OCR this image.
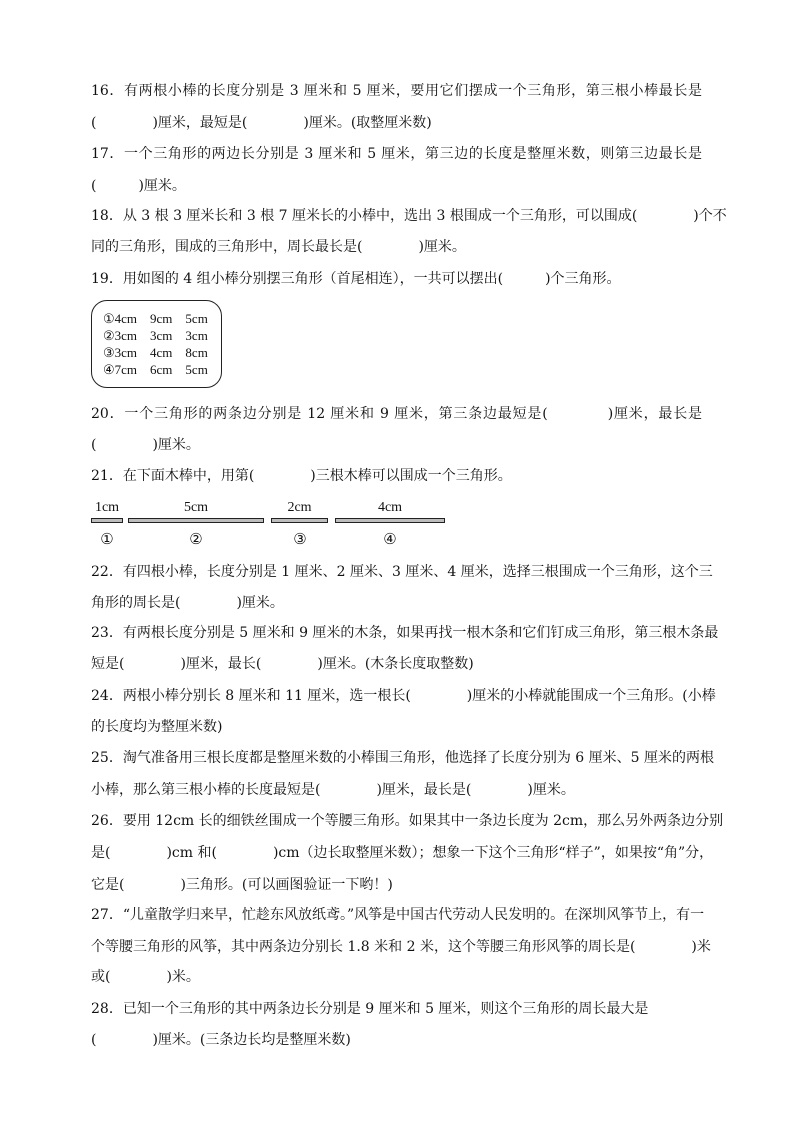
16．有两根小棒的长度分别是 3 厘米和 5 厘米，要用它们摆成一个三角形，第三根小棒最长是
(　　　　)厘米，最短是(　　　　)厘米。(取整厘米数)
17．一个三角形的两边长分别是 3 厘米和 5 厘米，第三边的长度是整厘米数，则第三边最长是
(　　　)厘米。
18．从 3 根 3 厘米长和 3 根 7 厘米长的小棒中，选出 3 根围成一个三角形，可以围成(　　　　)个不
同的三角形，围成的三角形中，周长最长是(　　　　)厘米。
19．用如图的 4 组小棒分别摆三角形（首尾相连），一共可以摆出(　　　)个三角形。
①4cm　9cm　5cm
②3cm　3cm　3cm
③3cm　4cm　8cm
④7cm　6cm　5cm
20．一个三角形的两条边分别是 12 厘米和 9 厘米，第三条边最短是(　　　　)厘米，最长是
(　　　　)厘米。
21．在下面木棒中，用第(　　　　)三根木棒可以围成一个三角形。
1cm
①
5cm
②
2cm
③
4cm
④
22．有四根小棒，长度分别是 1 厘米、2 厘米、3 厘米、4 厘米，选择三根围成一个三角形，这个三
角形的周长是(　　　　)厘米。
23．有两根长度分别是 5 厘米和 9 厘米的木条，如果再找一根木条和它们钉成三角形，第三根木条最
短是(　　　　)厘米，最长(　　　　)厘米。(木条长度取整数)
24．两根小棒分别长 8 厘米和 11 厘米，选一根长(　　　　)厘米的小棒就能围成一个三角形。(小棒
的长度均为整厘米数)
25．淘气准备用三根长度都是整厘米数的小棒围三角形，他选择了长度分别为 6 厘米、5 厘米的两根
小棒，那么第三根小棒的长度最短是(　　　　)厘米，最长是(　　　　)厘米。
26．要用 12cm 长的细铁丝围成一个等腰三角形。如果其中一条边长度为 2cm，那么另外两条边分别
是(　　　　)cm 和(　　　　)cm（边长取整厘米数）；想象一下这个三角形“样子”，如果按“角”分，
它是(　　　　)三角形。(可以画图验证一下哟！)
27．“儿童散学归来早，忙趁东风放纸鸢。”风筝是中国古代劳动人民发明的。在深圳风筝节上，有一
个等腰三角形的风筝，其中两条边分别长 1.8 米和 2 米，这个等腰三角形风筝的周长是(　　　　)米
或(　　　　)米。
28．已知一个三角形的其中两条边长分别是 9 厘米和 5 厘米，则这个三角形的周长最大是
(　　　　)厘米。(三条边长均是整厘米数)
